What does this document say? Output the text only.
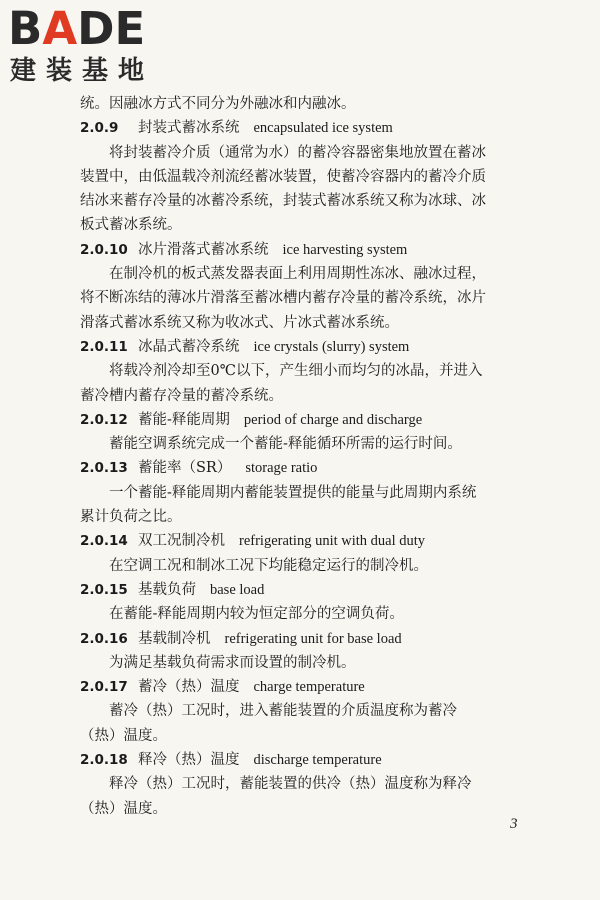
BADE
建装基地
统。因融冰方式不同分为外融冰和内融冰。
2.0.9 封装式蓄冰系统 encapsulated ice system
将封装蓄冷介质（通常为水）的蓄冷容器密集地放置在蓄冰
装置中，由低温载冷剂流经蓄冰装置，使蓄冷容器内的蓄冷介质
结冰来蓄存冷量的冰蓄冷系统，封装式蓄冰系统又称为冰球、冰
板式蓄冰系统。
2.0.10 冰片滑落式蓄冰系统 ice harvesting system
在制冷机的板式蒸发器表面上利用周期性冻冰、融冰过程，
将不断冻结的薄冰片滑落至蓄冰槽内蓄存冷量的蓄冷系统，冰片
滑落式蓄冰系统又称为收冰式、片冰式蓄冰系统。
2.0.11 冰晶式蓄冷系统 ice crystals (slurry) system
将载冷剂冷却至0℃以下，产生细小而均匀的冰晶，并进入
蓄冷槽内蓄存冷量的蓄冷系统。
2.0.12 蓄能-释能周期 period of charge and discharge
蓄能空调系统完成一个蓄能-释能循环所需的运行时间。
2.0.13 蓄能率（SR） storage ratio
一个蓄能-释能周期内蓄能装置提供的能量与此周期内系统
累计负荷之比。
2.0.14 双工况制冷机 refrigerating unit with dual duty
在空调工况和制冰工况下均能稳定运行的制冷机。
2.0.15 基载负荷 base load
在蓄能-释能周期内较为恒定部分的空调负荷。
2.0.16 基载制冷机 refrigerating unit for base load
为满足基载负荷需求而设置的制冷机。
2.0.17 蓄冷（热）温度 charge temperature
蓄冷（热）工况时，进入蓄能装置的介质温度称为蓄冷
（热）温度。
2.0.18 释冷（热）温度 discharge temperature
释冷（热）工况时，蓄能装置的供冷（热）温度称为释冷
（热）温度。
3
